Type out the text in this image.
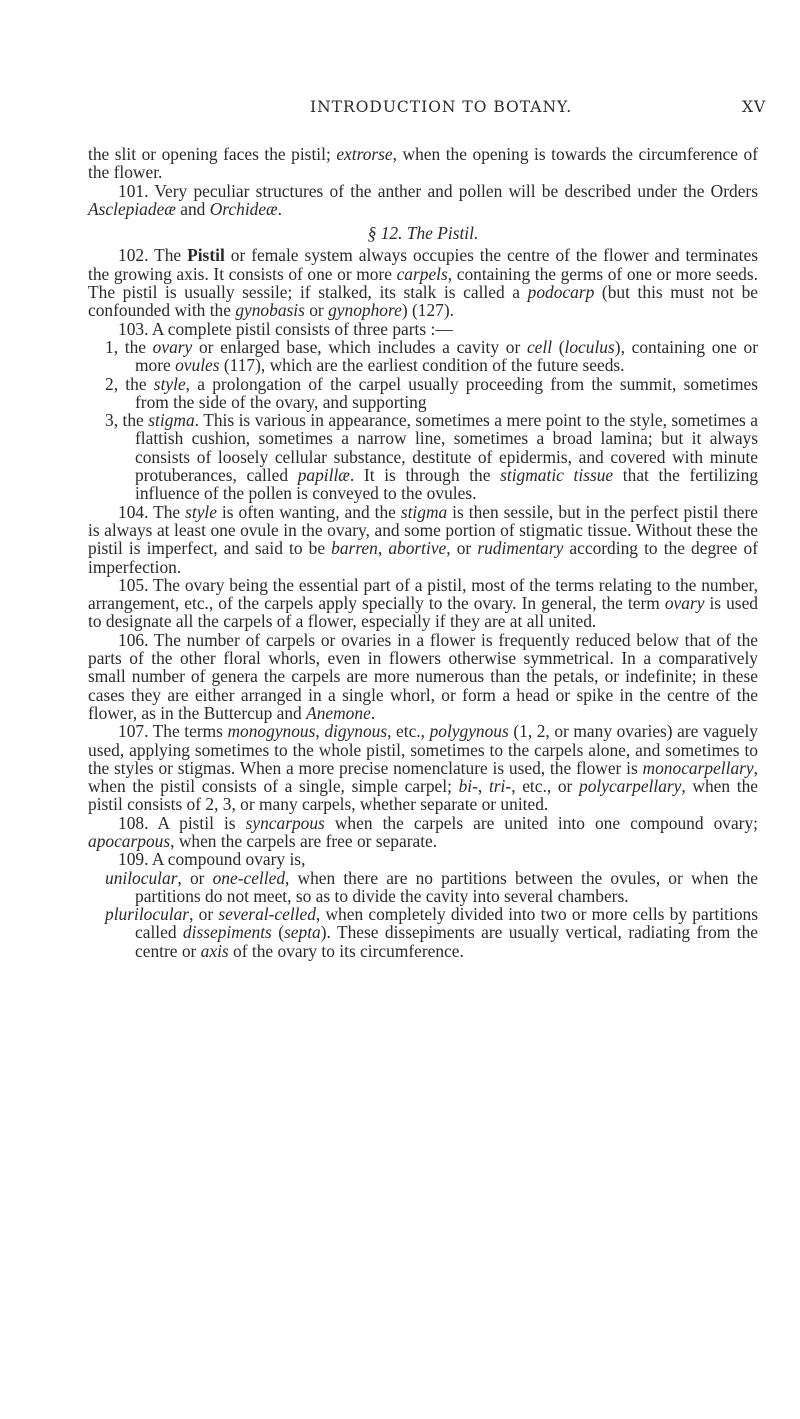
INTRODUCTION TO BOTANY.	XV

the slit or opening faces the pistil; extrorse, when the opening is towards the circumference of the flower.

101. Very peculiar structures of the anther and pollen will be described under the Orders Asclepiadeæ and Orchideæ.

§ 12. The Pistil.

102. The Pistil or female system always occupies the centre of the flower and terminates the growing axis. It consists of one or more carpels, containing the germs of one or more seeds. The pistil is usually sessile; if stalked, its stalk is called a podocarp (but this must not be confounded with the gynobasis or gynophore) (127).

103. A complete pistil consists of three parts :—

1, the ovary or enlarged base, which includes a cavity or cell (loculus), containing one or more ovules (117), which are the earliest condition of the future seeds.

2, the style, a prolongation of the carpel usually proceeding from the summit, sometimes from the side of the ovary, and supporting

3, the stigma. This is various in appearance, sometimes a mere point to the style, sometimes a flattish cushion, sometimes a narrow line, sometimes a broad lamina; but it always consists of loosely cellular substance, destitute of epidermis, and covered with minute protuberances, called papillæ. It is through the stigmatic tissue that the fertilizing influence of the pollen is conveyed to the ovules.

104. The style is often wanting, and the stigma is then sessile, but in the perfect pistil there is always at least one ovule in the ovary, and some portion of stigmatic tissue. Without these the pistil is imperfect, and said to be barren, abortive, or rudimentary according to the degree of imperfection.

105. The ovary being the essential part of a pistil, most of the terms relating to the number, arrangement, etc., of the carpels apply specially to the ovary. In general, the term ovary is used to designate all the carpels of a flower, especially if they are at all united.

106. The number of carpels or ovaries in a flower is frequently reduced below that of the parts of the other floral whorls, even in flowers otherwise symmetrical. In a comparatively small number of genera the carpels are more numerous than the petals, or indefinite; in these cases they are either arranged in a single whorl, or form a head or spike in the centre of the flower, as in the Buttercup and Anemone.

107. The terms monogynous, digynous, etc., polygynous (1, 2, or many ovaries) are vaguely used, applying sometimes to the whole pistil, sometimes to the carpels alone, and sometimes to the styles or stigmas. When a more precise nomenclature is used, the flower is monocarpellary, when the pistil consists of a single, simple carpel; bi-, tri-, etc., or polycarpellary, when the pistil consists of 2, 3, or many carpels, whether separate or united.

108. A pistil is syncarpous when the carpels are united into one compound ovary; apocarpous, when the carpels are free or separate.

109. A compound ovary is,

unilocular, or one-celled, when there are no partitions between the ovules, or when the partitions do not meet, so as to divide the cavity into several chambers.

plurilocular, or several-celled, when completely divided into two or more cells by partitions called dissepiments (septa). These dissepiments are usually vertical, radiating from the centre or axis of the ovary to its circumference.
